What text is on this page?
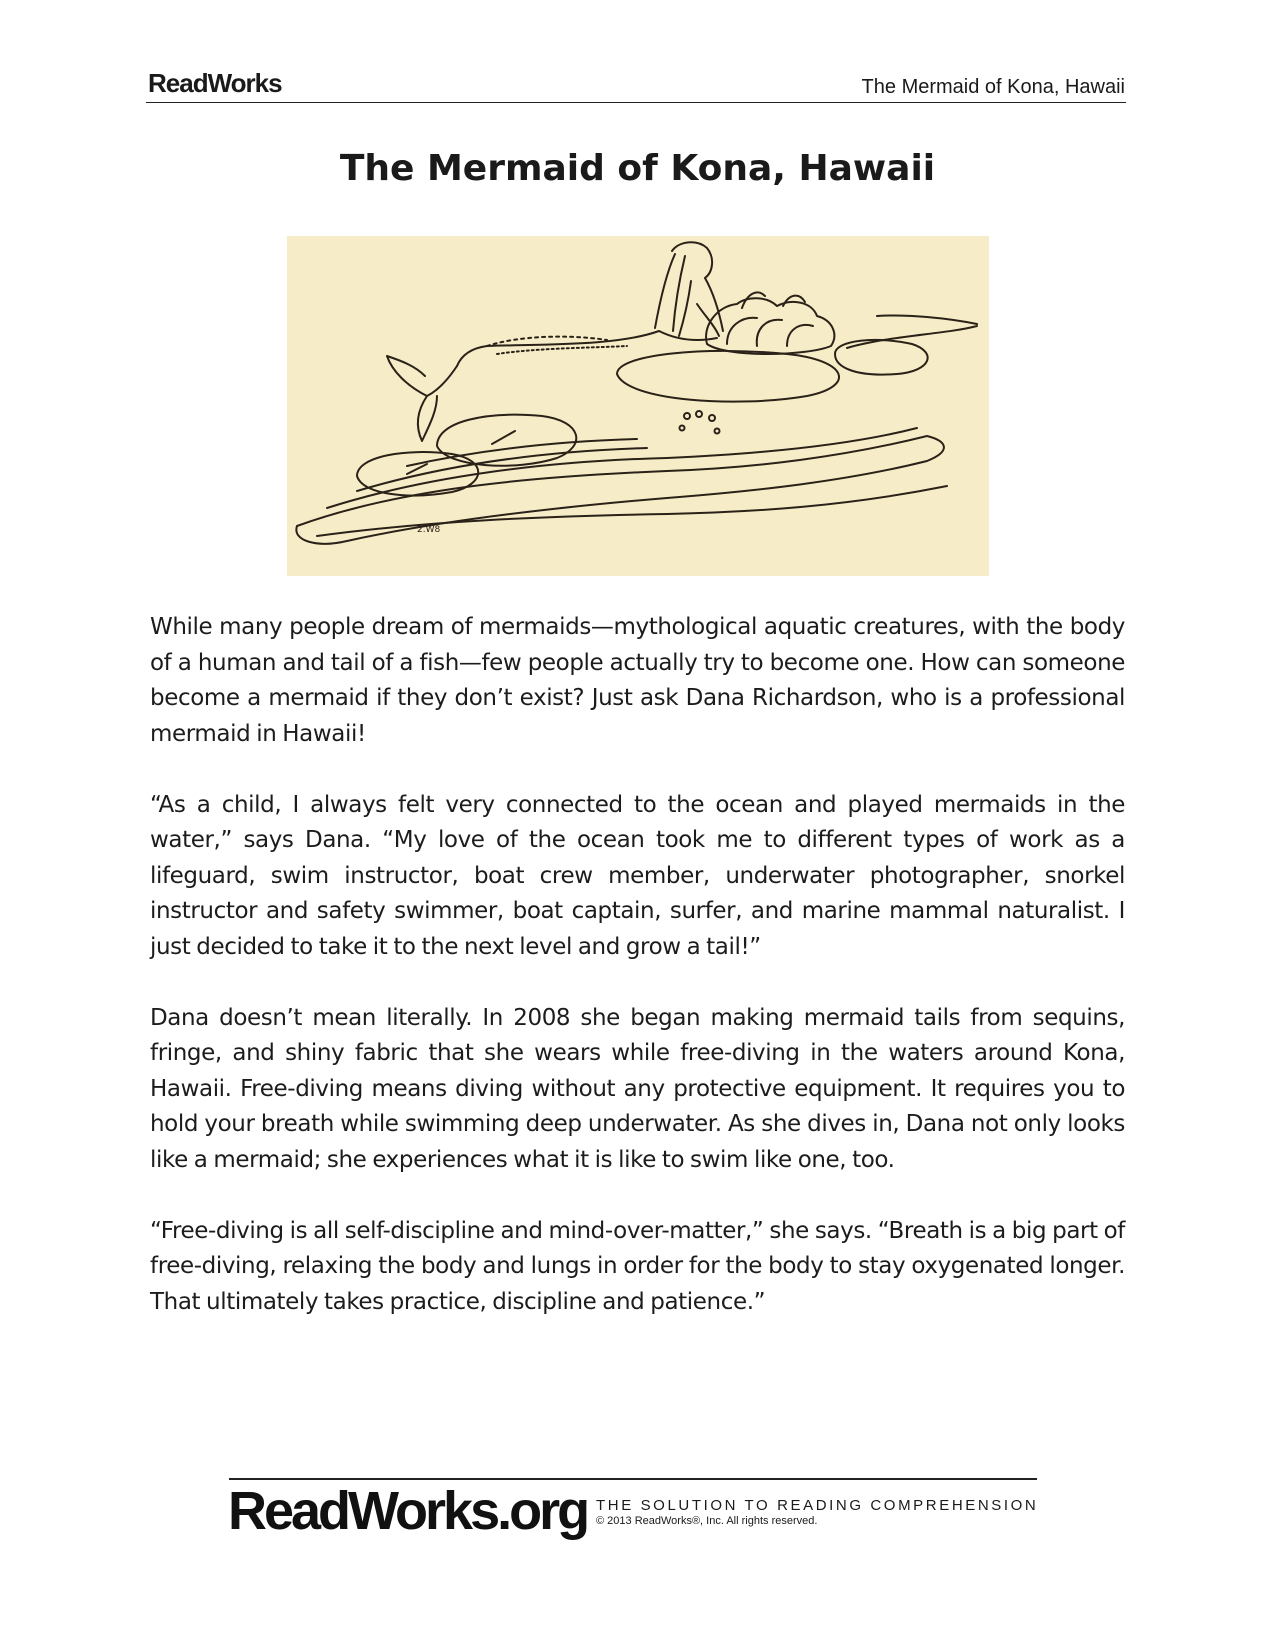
ReadWorks	The Mermaid of Kona, Hawaii
The Mermaid of Kona, Hawaii
2.W8

While many people dream of mermaids—mythological aquatic creatures, with the body of a human and tail of a fish—few people actually try to become one. How can someone become a mermaid if they don’t exist? Just ask Dana Richardson, who is a professional mermaid in Hawaii!

“As a child, I always felt very connected to the ocean and played mermaids in the water,” says Dana. “My love of the ocean took me to different types of work as a lifeguard, swim instructor, boat crew member, underwater photographer, snorkel instructor and safety swimmer, boat captain, surfer, and marine mammal naturalist. I just decided to take it to the next level and grow a tail!”

Dana doesn’t mean literally. In 2008 she began making mermaid tails from sequins, fringe, and shiny fabric that she wears while free-diving in the waters around Kona, Hawaii. Free-diving means diving without any protective equipment. It requires you to hold your breath while swimming deep underwater. As she dives in, Dana not only looks like a mermaid; she experiences what it is like to swim like one, too.

“Free-diving is all self-discipline and mind-over-matter,” she says. “Breath is a big part of free-diving, relaxing the body and lungs in order for the body to stay oxygenated longer. That ultimately takes practice, discipline and patience.”

ReadWorks.org THE SOLUTION TO READING COMPREHENSION
© 2013 ReadWorks®, Inc. All rights reserved.
